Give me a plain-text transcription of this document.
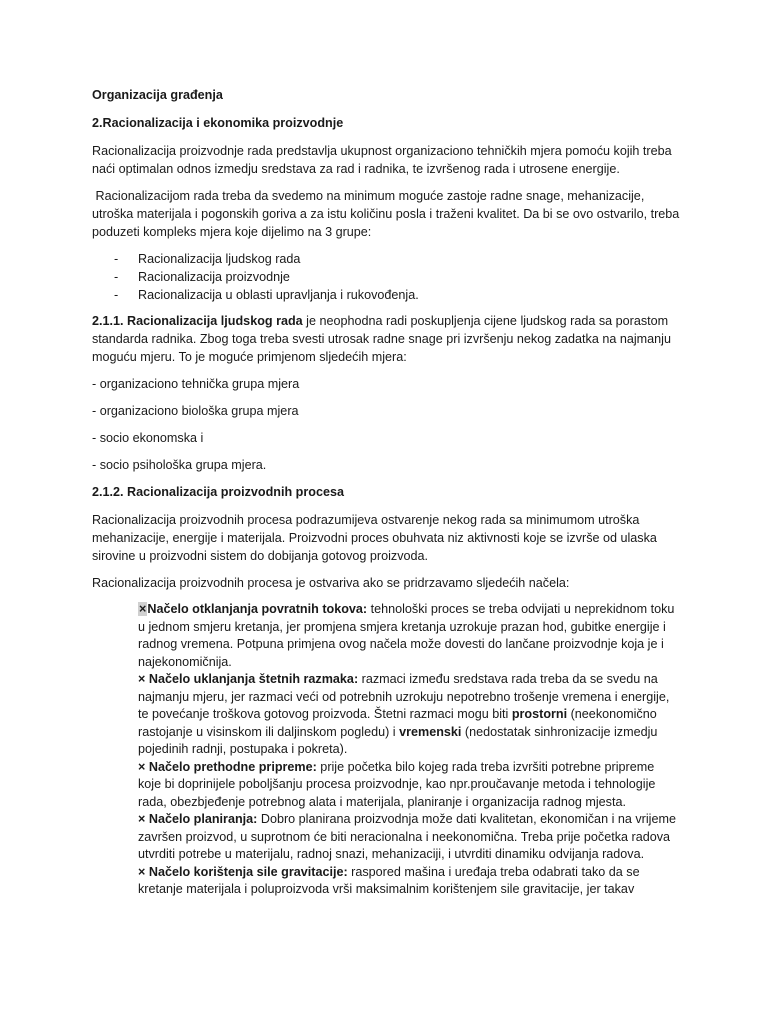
Organizacija građenja

2.Racionalizacija i ekonomika proizvodnje

Racionalizacija proizvodnje rada predstavlja ukupnost organizaciono tehničkih mjera pomoću kojih treba naći optimalan odnos izmedju sredstava za rad i radnika, te izvršenog rada i utrosene energije.

Racionalizacijom rada treba da svedemo na minimum moguće zastoje radne snage, mehanizacije, utroška materijala i pogonskih goriva a za istu količinu posla i traženi kvalitet. Da bi se ovo ostvarilo, treba poduzeti kompleks mjera koje dijelimo na 3 grupe:

- Racionalizacija ljudskog rada
- Racionalizacija proizvodnje
- Racionalizacija u oblasti upravljanja i rukovođenja.

2.1.1. Racionalizacija ljudskog rada je neophodna radi poskupljenja cijene ljudskog rada sa porastom standarda radnika. Zbog toga treba svesti utrosak radne snage pri izvršenju nekog zadatka na najmanju moguću mjeru. To je moguće primjenom sljedećih mjera:

- organizaciono tehnička grupa mjera

- organizaciono biološka grupa mjera

- socio ekonomska i

- socio psihološka grupa mjera.

2.1.2. Racionalizacija proizvodnih procesa

Racionalizacija proizvodnih procesa podrazumijeva ostvarenje nekog rada sa minimumom utroška mehanizacije, energije i materijala. Proizvodni proces obuhvata niz aktivnosti koje se izvrše od ulaska sirovine u proizvodni sistem do dobijanja gotovog proizvoda.

Racionalizacija proizvodnih procesa je ostvariva ako se pridrzavamo sljedećih načela:

×Načelo otklanjanja povratnih tokova: tehnološki proces se treba odvijati u neprekidnom toku u jednom smjeru kretanja, jer promjena smjera kretanja uzrokuje prazan hod, gubitke energije i radnog vremena. Potpuna primjena ovog načela može dovesti do lančane proizvodnje koja je i najekonomičnija.

× Načelo uklanjanja štetnih razmaka: razmaci između sredstava rada treba da se svedu na najmanju mjeru, jer razmaci veći od potrebnih uzrokuju nepotrebno trošenje vremena i energije, te povećanje troškova gotovog proizvoda. Štetni razmaci mogu biti prostorni (neekonomično rastojanje u visinskom ili daljinskom pogledu) i vremenski (nedostatak sinhronizacije izmedju pojedinih radnji, postupaka i pokreta).

× Načelo prethodne pripreme: prije početka bilo kojeg rada treba izvršiti potrebne pripreme koje bi doprinijele poboljšanju procesa proizvodnje, kao npr.proučavanje metoda i tehnologije rada, obezbjeđenje potrebnog alata i materijala, planiranje i organizacija radnog mjesta.

× Načelo planiranja: Dobro planirana proizvodnja može dati kvalitetan, ekonomičan i na vrijeme završen proizvod, u suprotnom će biti neracionalna i neekonomična. Treba prije početka radova utvrditi potrebe u materijalu, radnoj snazi, mehanizaciji, i utvrditi dinamiku odvijanja radova.

× Načelo korištenja sile gravitacije: raspored mašina i uređaja treba odabrati tako da se kretanje materijala i poluproizvoda vrši maksimalnim korištenjem sile gravitacije, jer takav
